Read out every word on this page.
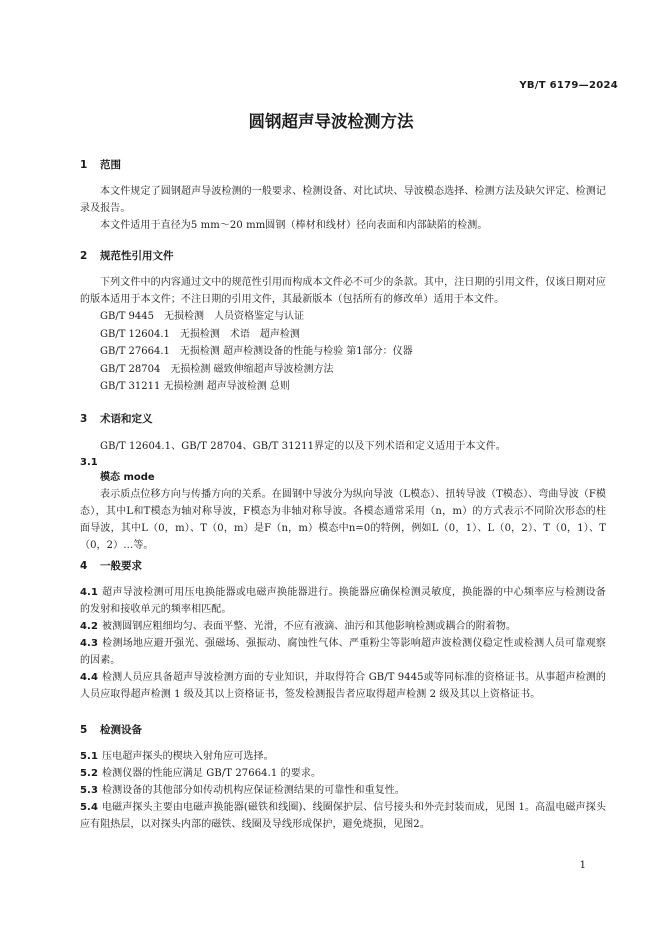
YB/T 6179—2024
圆钢超声导波检测方法
1 范围
本文件规定了圆钢超声导波检测的一般要求、检测设备、对比试块、导波模态选择、检测方法及缺欠评定、检测记录及报告。
本文件适用于直径为5 mm～20 mm圆钢（棒材和线材）径向表面和内部缺陷的检测。
2 规范性引用文件
下列文件中的内容通过文中的规范性引用而构成本文件必不可少的条款。其中，注日期的引用文件，仅该日期对应的版本适用于本文件；不注日期的引用文件，其最新版本（包括所有的修改单）适用于本文件。
GB/T 9445　无损检测　人员资格鉴定与认证
GB/T 12604.1　无损检测　术语　超声检测
GB/T 27664.1　无损检测 超声检测设备的性能与检验 第1部分：仪器
GB/T 28704　无损检测 磁致伸缩超声导波检测方法
GB/T 31211 无损检测 超声导波检测 总则
3 术语和定义
GB/T 12604.1、GB/T 28704、GB/T 31211界定的以及下列术语和定义适用于本文件。
3.1
模态 mode
表示质点位移方向与传播方向的关系。在圆钢中导波分为纵向导波（L模态）、扭转导波（T模态）、弯曲导波（F模态），其中L和T模态为轴对称导波，F模态为非轴对称导波。各模态通常采用（n，m）的方式表示不同阶次形态的柱面导波，其中L（0，m）、T（0，m）是F（n，m）模态中n=0的特例，例如L（0，1）、L（0，2）、T（0，1）、T（0，2）…等。
4 一般要求
4.1 超声导波检测可用压电换能器或电磁声换能器进行。换能器应确保检测灵敏度，换能器的中心频率应与检测设备的发射和接收单元的频率相匹配。
4.2 被测圆钢应粗细均匀、表面平整、光滑，不应有液滴、油污和其他影响检测或耦合的附着物。
4.3 检测场地应避开强光、强磁场、强振动、腐蚀性气体、严重粉尘等影响超声波检测仪稳定性或检测人员可靠观察的因素。
4.4 检测人员应具备超声导波检测方面的专业知识，并取得符合 GB/T 9445或等同标准的资格证书。从事超声检测的人员应取得超声检测 1 级及其以上资格证书，签发检测报告者应取得超声检测 2 级及其以上资格证书。
5 检测设备
5.1 压电超声探头的楔块入射角应可选择。
5.2 检测仪器的性能应满足 GB/T 27664.1 的要求。
5.3 检测设备的其他部分如传动机构应保证检测结果的可靠性和重复性。
5.4 电磁声探头主要由电磁声换能器(磁铁和线圈)、线圈保护层、信号接头和外壳封装而成，见图 1。高温电磁声探头应有阻热层，以对探头内部的磁铁、线圈及导线形成保护，避免烧损，见图2。
1
